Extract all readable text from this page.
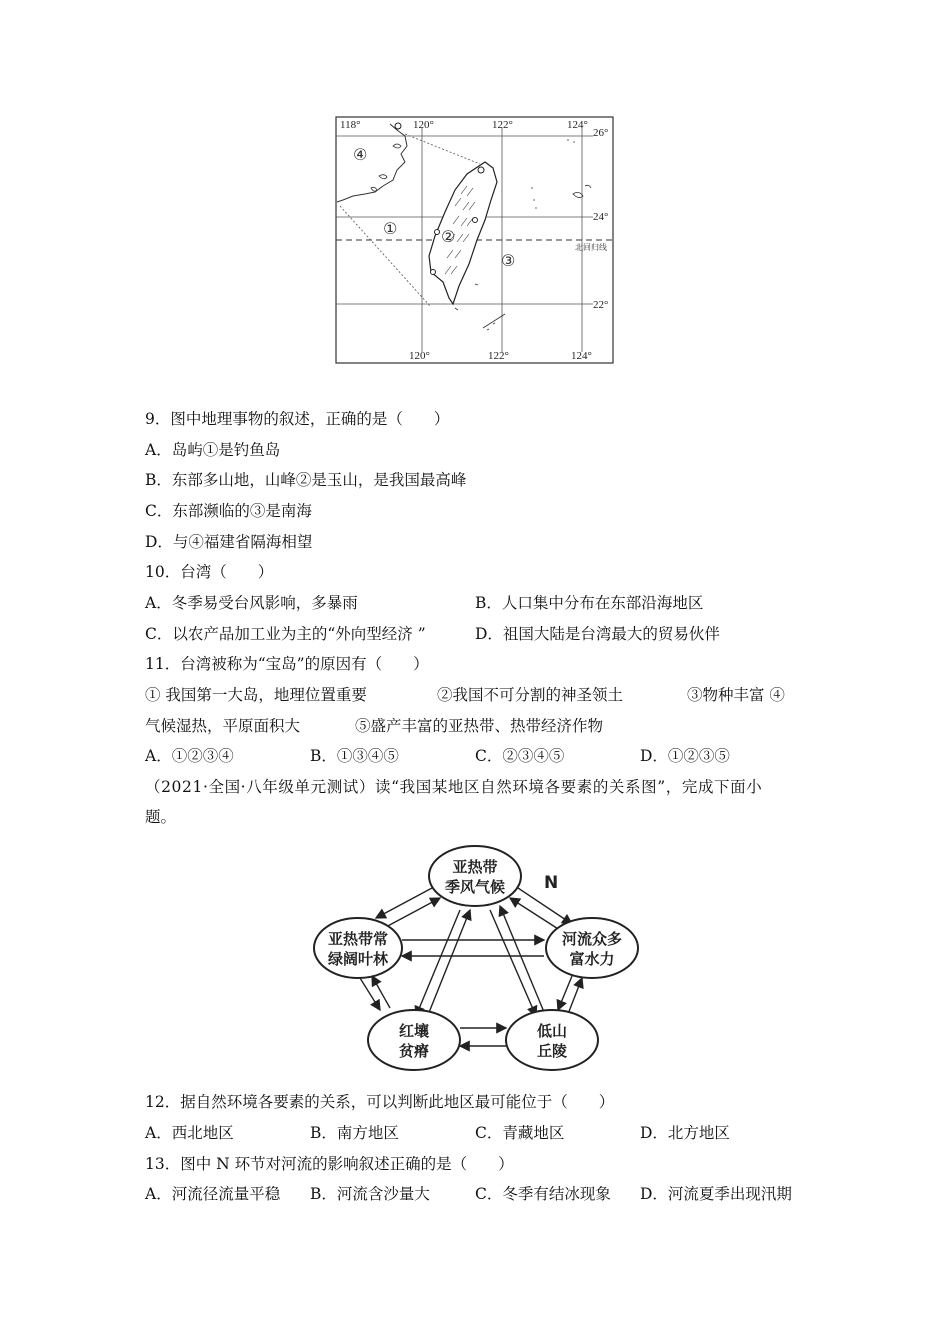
118°	120°	122°	124°
120°	122°	124°
26°
24°
22°
北回归线
④
①	②
③
9．图中地理事物的叙述，正确的是（　　）
A．岛屿①是钓鱼岛
B．东部多山地，山峰②是玉山，是我国最高峰
C．东部濒临的③是南海
D．与④福建省隔海相望
10．台湾（　　）
A．冬季易受台风影响，多暴雨	B．人口集中分布在东部沿海地区
C．以农产品加工业为主的“外向型经济 ”	D．祖国大陆是台湾最大的贸易伙伴
11．台湾被称为“宝岛”的原因有（　　）
① 我国第一大岛，地理位置重要	②我国不可分割的神圣领土	③物种丰富 ④
气候湿热，平原面积大	⑤盛产丰富的亚热带、热带经济作物
A．①②③④	B．①③④⑤	C．②③④⑤	D．①②③⑤
（2021·全国·八年级单元测试）读“我国某地区自然环境各要素的关系图”，完成下面小
题。
亚热带
季风气候
亚热带常
绿阔叶林
河流众多
富水力
红壤
贫瘠
低山
丘陵
N
12．据自然环境各要素的关系，可以判断此地区最可能位于（　　）
A．西北地区	B．南方地区	C．青藏地区	D．北方地区
13．图中 N 环节对河流的影响叙述正确的是（　　）
A．河流径流量平稳 B．河流含沙量大	C．冬季有结冰现象 D．河流夏季出现汛期
